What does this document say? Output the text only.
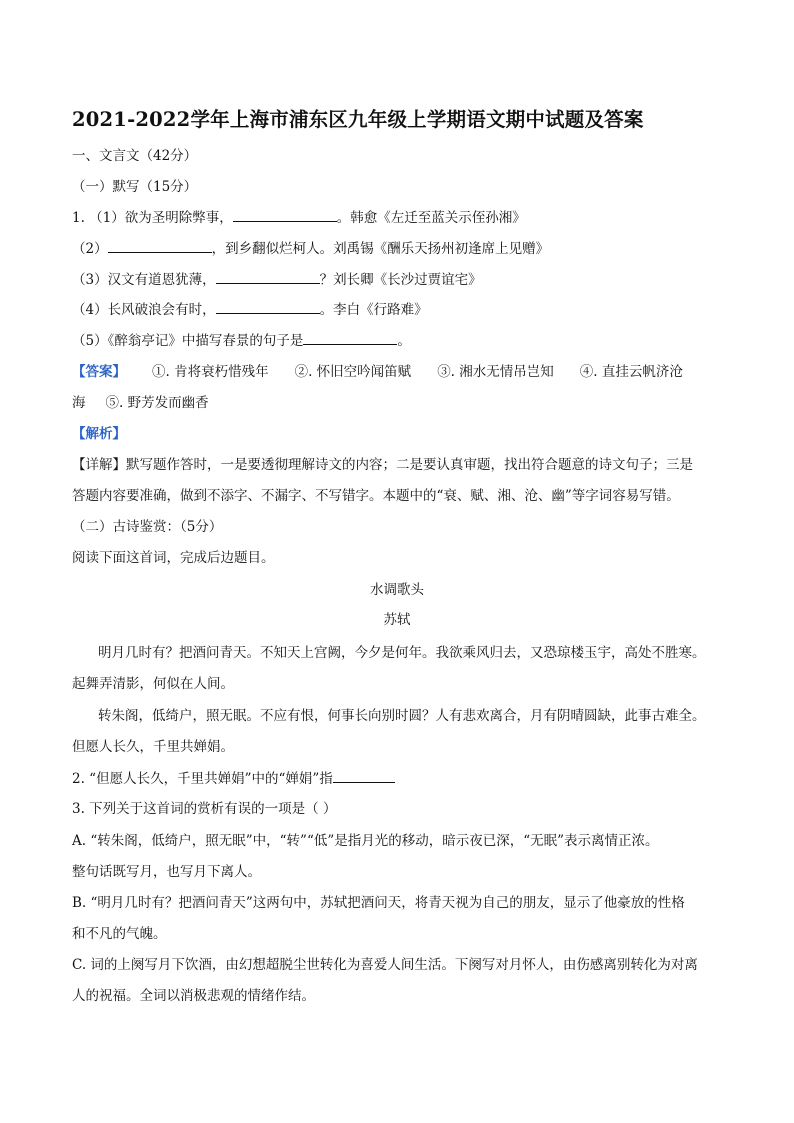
2021-2022学年上海市浦东区九年级上学期语文期中试题及答案
一、文言文（42分）
（一）默写（15分）
1. （1）欲为圣明除弊事，	。韩愈《左迁至蓝关示侄孙湘》
（2）	，到乡翻似烂柯人。刘禹锡《酬乐天扬州初逢席上见赠》
（3）汉文有道恩犹薄，	？刘长卿《长沙过贾谊宅》
（4）长风破浪会有时，	。李白《行路难》
（5）《醉翁亭记》中描写春景的句子是	。
【答案】 ①. 肯将衰朽惜残年 ②. 怀旧空吟闻笛赋 ③. 湘水无情吊岂知 ④. 直挂云帆济沧
海 ⑤. 野芳发而幽香
【解析】
【详解】默写题作答时，一是要透彻理解诗文的内容；二是要认真审题，找出符合题意的诗文句子；三是
答题内容要准确，做到不添字、不漏字、不写错字。本题中的“衰、赋、湘、沧、幽”等字词容易写错。
（二）古诗鉴赏：（5分）
阅读下面这首词，完成后边题目。
水调歌头
苏轼
明月几时有？把酒问青天。不知天上宫阙，今夕是何年。我欲乘风归去，又恐琼楼玉宇，高处不胜寒。
起舞弄清影，何似在人间。
转朱阁，低绮户，照无眠。不应有恨，何事长向别时圆？人有悲欢离合，月有阴晴圆缺，此事古难全。
但愿人长久，千里共婵娟。
2. “但愿人长久，千里共婵娟”中的“婵娟”指
3. 下列关于这首词的赏析有误的一项是（ ）
A. “转朱阁，低绮户，照无眠”中，“转”“低”是指月光的移动，暗示夜已深，“无眠”表示离情正浓。
整句话既写月，也写月下离人。
B. “明月几时有？把酒问青天”这两句中，苏轼把酒问天，将青天视为自己的朋友，显示了他豪放的性格
和不凡的气魄。
C. 词的上阕写月下饮酒，由幻想超脱尘世转化为喜爱人间生活。下阕写对月怀人，由伤感离别转化为对离
人的祝福。全词以消极悲观的情绪作结。
